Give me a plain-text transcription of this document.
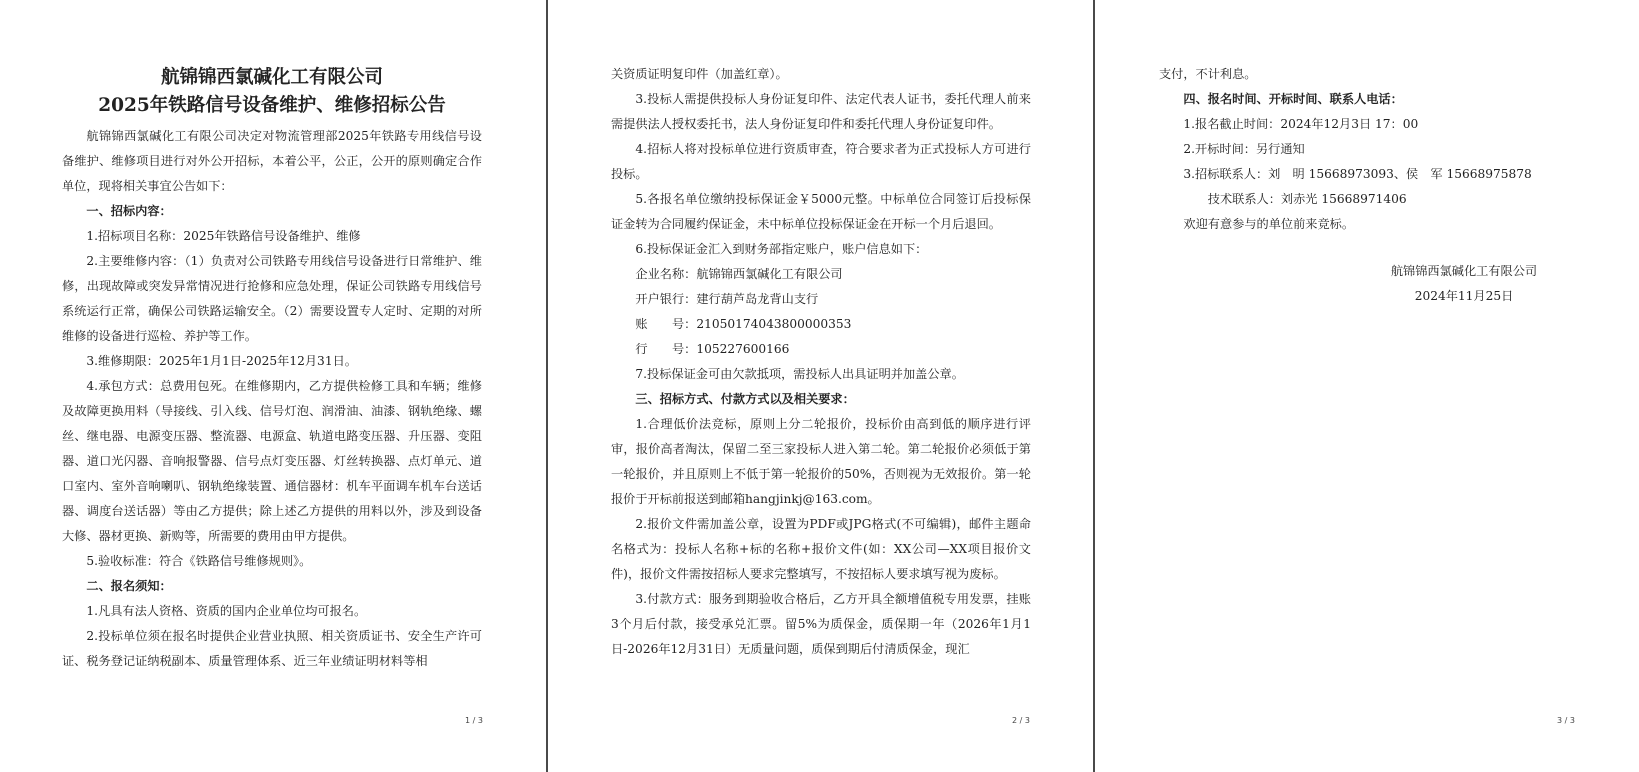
航锦锦西氯碱化工有限公司
2025年铁路信号设备维护、维修招标公告

航锦锦西氯碱化工有限公司决定对物流管理部2025年铁路专用线信号设备维护、维修项目进行对外公开招标，本着公平，公正，公开的原则确定合作单位，现将相关事宜公告如下：

一、招标内容：

1.招标项目名称：2025年铁路信号设备维护、维修

2.主要维修内容：（1）负责对公司铁路专用线信号设备进行日常维护、维修，出现故障或突发异常情况进行抢修和应急处理，保证公司铁路专用线信号系统运行正常，确保公司铁路运输安全。（2）需要设置专人定时、定期的对所维修的设备进行巡检、养护等工作。

3.维修期限：2025年1月1日-2025年12月31日。

4.承包方式：总费用包死。在维修期内，乙方提供检修工具和车辆；维修及故障更换用料（导接线、引入线、信号灯泡、润滑油、油漆、钢轨绝缘、螺丝、继电器、电源变压器、整流器、电源盒、轨道电路变压器、升压器、变阻器、道口光闪器、音响报警器、信号点灯变压器、灯丝转换器、点灯单元、道口室内、室外音响喇叭、钢轨绝缘装置、通信器材：机车平面调车机车台送话器、调度台送话器）等由乙方提供；除上述乙方提供的用料以外，涉及到设备大修、器材更换、新购等，所需要的费用由甲方提供。

5.验收标准：符合《铁路信号维修规则》。

二、报名须知：

1.凡具有法人资格、资质的国内企业单位均可报名。

2.投标单位须在报名时提供企业营业执照、相关资质证书、安全生产许可证、税务登记证纳税副本、质量管理体系、近三年业绩证明材料等相

1 / 3

关资质证明复印件（加盖红章）。

3.投标人需提供投标人身份证复印件、法定代表人证书，委托代理人前来需提供法人授权委托书，法人身份证复印件和委托代理人身份证复印件。

4.招标人将对投标单位进行资质审查，符合要求者为正式投标人方可进行投标。

5.各报名单位缴纳投标保证金￥5000元整。中标单位合同签订后投标保证金转为合同履约保证金，未中标单位投标保证金在开标一个月后退回。

6.投标保证金汇入到财务部指定账户，账户信息如下：

企业名称：航锦锦西氯碱化工有限公司

开户银行：建行葫芦岛龙背山支行

账　　号：21050174043800000353

行　　号：105227600166

7.投标保证金可由欠款抵项，需投标人出具证明并加盖公章。

三、招标方式、付款方式以及相关要求：

1.合理低价法竞标，原则上分二轮报价，投标价由高到低的顺序进行评审，报价高者淘汰，保留二至三家投标人进入第二轮。第二轮报价必须低于第一轮报价，并且原则上不低于第一轮报价的50%，否则视为无效报价。第一轮报价于开标前报送到邮箱hangjinkj@163.com。

2.报价文件需加盖公章，设置为PDF或JPG格式(不可编辑)，邮件主题命名格式为：投标人名称+标的名称+报价文件(如：XX公司—XX项目报价文件)，报价文件需按招标人要求完整填写，不按招标人要求填写视为废标。

3.付款方式：服务到期验收合格后，乙方开具全额增值税专用发票，挂账3个月后付款，接受承兑汇票。留5%为质保金，质保期一年（2026年1月1日-2026年12月31日）无质量问题，质保到期后付清质保金，现汇

2 / 3

支付，不计利息。

四、报名时间、开标时间、联系人电话：

1.报名截止时间：2024年12月3日 17：00

2.开标时间：另行通知

3.招标联系人：刘　明 15668973093、侯　军 15668975878

技术联系人：刘赤光 15668971406

欢迎有意参与的单位前来竞标。

航锦锦西氯碱化工有限公司

2024年11月25日

3 / 3
